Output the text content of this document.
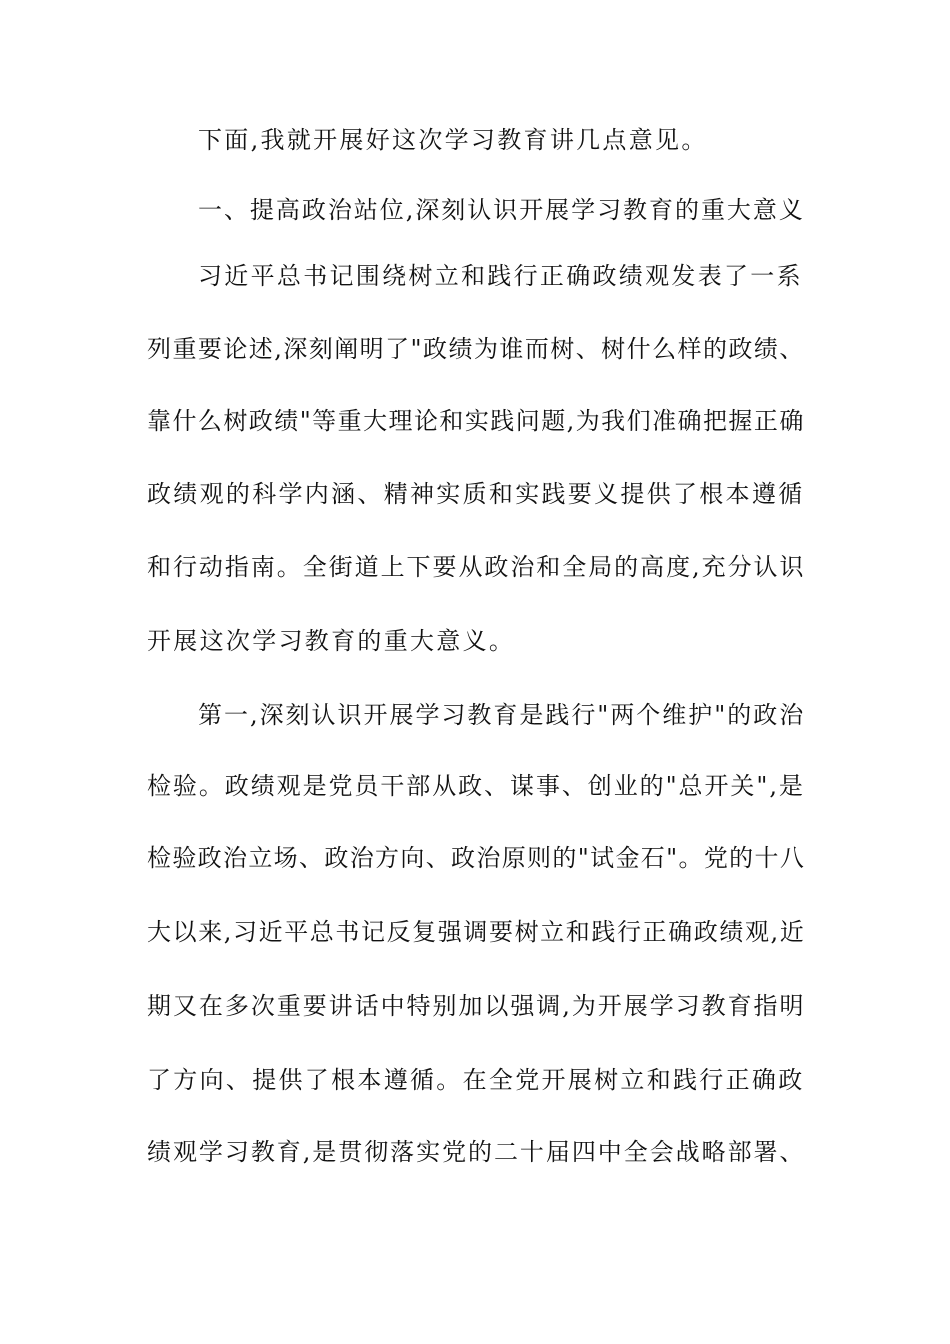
下面,我就开展好这次学习教育讲几点意见。
一、提高政治站位,深刻认识开展学习教育的重大意义
习近平总书记围绕树立和践行正确政绩观发表了一系
列重要论述,深刻阐明了"政绩为谁而树、树什么样的政绩、
靠什么树政绩"等重大理论和实践问题,为我们准确把握正确
政绩观的科学内涵、精神实质和实践要义提供了根本遵循
和行动指南。全街道上下要从政治和全局的高度,充分认识
开展这次学习教育的重大意义。
第一,深刻认识开展学习教育是践行"两个维护"的政治
检验。政绩观是党员干部从政、谋事、创业的"总开关",是
检验政治立场、政治方向、政治原则的"试金石"。党的十八
大以来,习近平总书记反复强调要树立和践行正确政绩观,近
期又在多次重要讲话中特别加以强调,为开展学习教育指明
了方向、提供了根本遵循。在全党开展树立和践行正确政
绩观学习教育,是贯彻落实党的二十届四中全会战略部署、
